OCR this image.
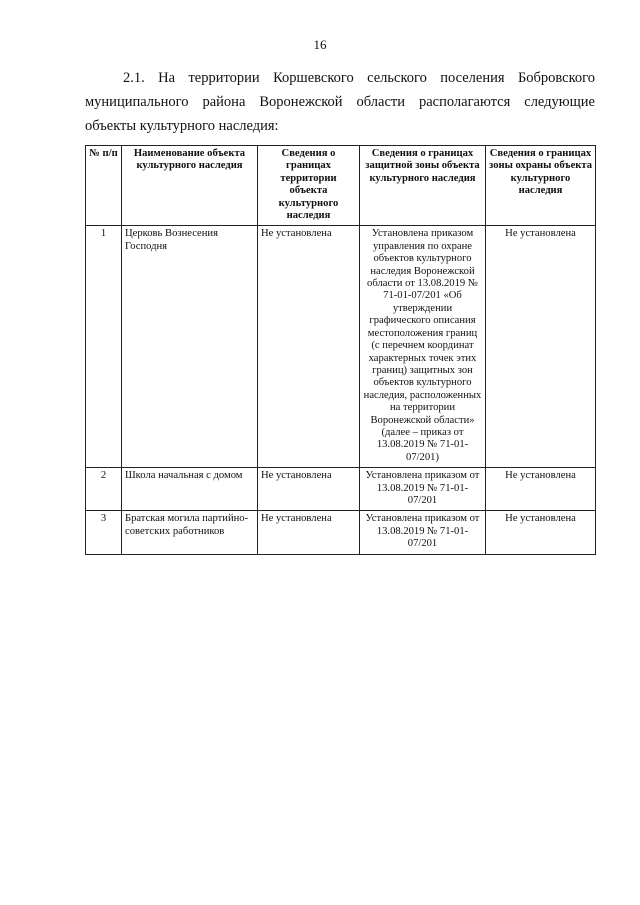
16

2.1. На территории Коршевского сельского поселения Бобровского муниципального района Воронежской области располагаются следующие объекты культурного наследия:

№ п/п	Наименование объекта культурного наследия	Сведения о границах территории объекта культурного наследия	Сведения о границах защитной зоны объекта культурного наследия	Сведения о границах зоны охраны объекта культурного наследия
1	Церковь Вознесения Господня	Не установлена	Установлена приказом управления по охране объектов культурного наследия Воронежской области от 13.08.2019 № 71-01-07/201 «Об утверждении графического описания местоположения границ (с перечнем координат характерных точек этих границ) защитных зон объектов культурного наследия, расположенных на территории Воронежской области» (далее – приказ от 13.08.2019 № 71-01-07/201)	Не установлена
2	Школа начальная с домом	Не установлена	Установлена приказом от 13.08.2019 № 71-01-07/201	Не установлена
3	Братская могила партийно-советских работников	Не установлена	Установлена приказом от 13.08.2019 № 71-01-07/201	Не установлена
